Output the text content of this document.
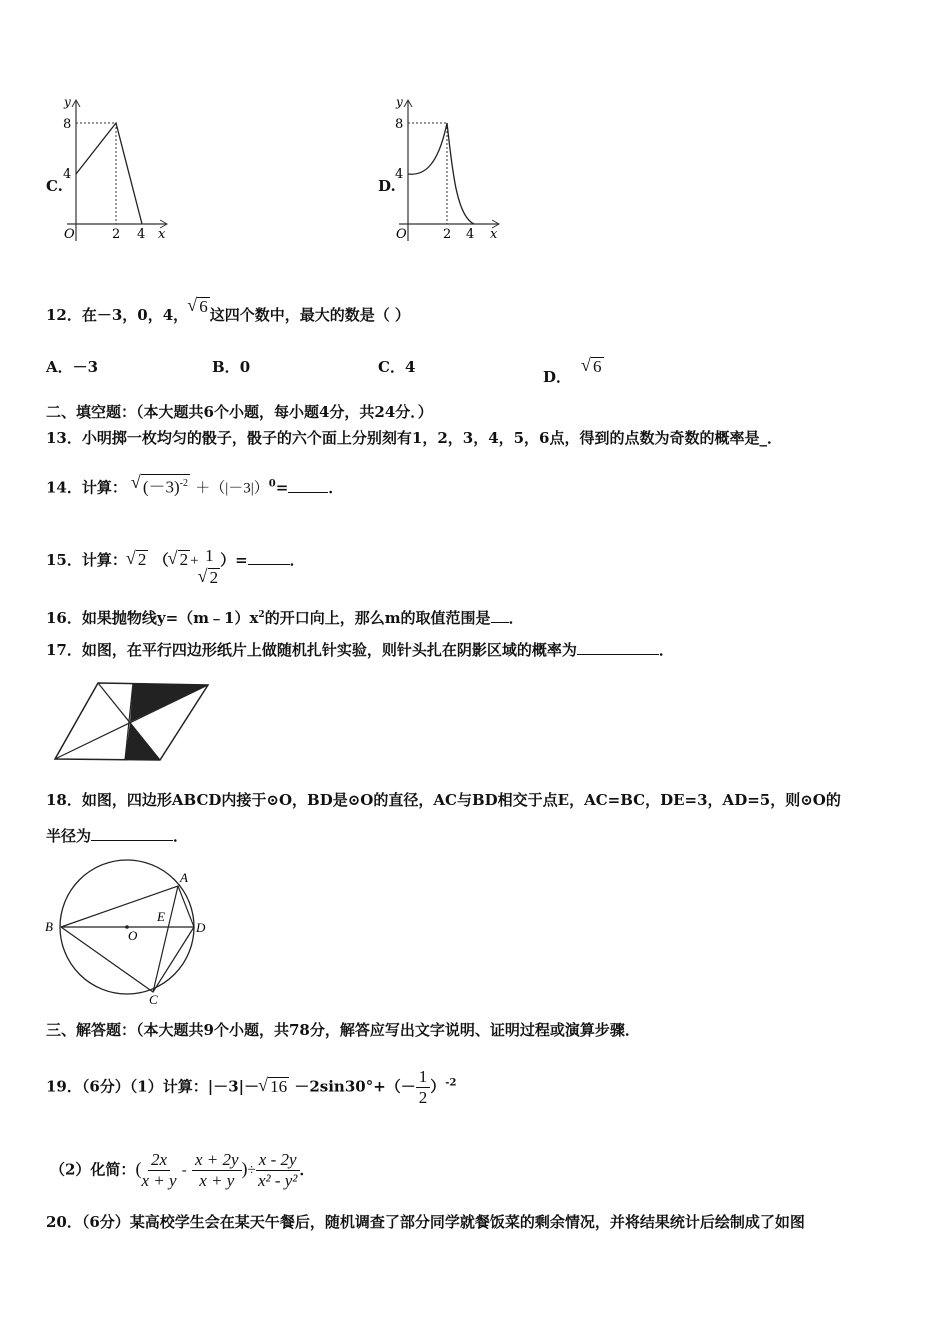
C.
y
8
4
2 4
O	x
D.
y
8
4
2 4
O	x
12．在－3，0，4， √ 6 这四个数中，最大的数是（ ）
A．－3	B．0	C．4
D．√ 6
二、填空题：（本大题共6个小题，每小题4分，共24分．）
13．小明掷一枚均匀的骰子，骰子的六个面上分别刻有1，2，3，4，5，6点，得到的点数为奇数的概率是_．
14．计算： √ $(-3)^{-2} +(|-3|)^0=$	．
15．计算： √ 2 （ √ 2 + 1
√ 2 ）=	．
16．如果抛物线$y=(m﹣1)x^2$的开口向上，那么m的取值范围是 ．
17．如图，在平行四边形纸片上做随机扎针实验，则针头扎在阴影区域的概率为	．
18．如图，四边形ABCD内接于⊙O，BD是⊙O的直径，AC与BD相交于点E，AC=BC，DE=3，AD=5，则⊙O的
半径为	．
A
B
C
D
E
O
三、解答题：（本大题共9个小题，共78分，解答应写出文字说明、证明过程或演算步骤．
19．（6分）（1）计算：|－3|－ √ $16 -2\sin 30^\circ+(- \frac{1}{2} )^{-2}$
（2）化简：( $\frac{2x}{x + y} - \frac{x + 2y}{x + y}$ )÷ $\frac{x - 2y}{\text{x² - y²}}$ ．
20．（6分）某高校学生会在某天午餐后，随机调查了部分同学就餐饭菜的剩余情况，并将结果统计后绘制成了如图
